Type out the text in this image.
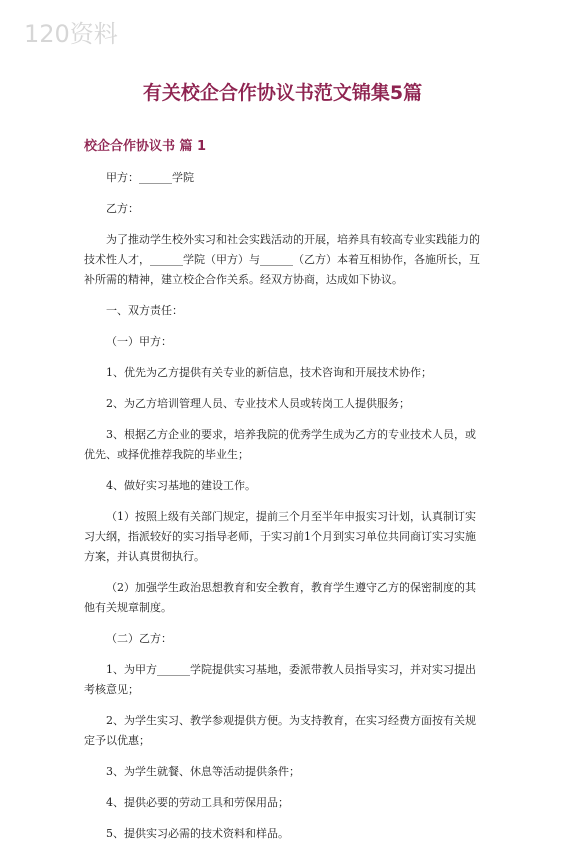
120资料
有关校企合作协议书范文锦集5篇
校企合作协议书 篇 1

甲方：______学院

乙方：

为了推动学生校外实习和社会实践活动的开展，培养具有较高专业实践能力的技术性人才，______学院（甲方）与______（乙方）本着互相协作，各施所长，互补所需的精神，建立校企合作关系。经双方协商，达成如下协议。

一、双方责任：

（一）甲方：

1、优先为乙方提供有关专业的新信息，技术咨询和开展技术协作；

2、为乙方培训管理人员、专业技术人员或转岗工人提供服务；

3、根据乙方企业的要求，培养我院的优秀学生成为乙方的专业技术人员，或优先、或择优推荐我院的毕业生；

4、做好实习基地的建设工作。

（1）按照上级有关部门规定，提前三个月至半年申报实习计划，认真制订实习大纲，指派较好的实习指导老师，于实习前1个月到实习单位共同商订实习实施方案，并认真贯彻执行。

（2）加强学生政治思想教育和安全教育，教育学生遵守乙方的保密制度的其他有关规章制度。

（二）乙方：

1、为甲方______学院提供实习基地，委派带教人员指导实习，并对实习提出考核意见；

2、为学生实习、教学参观提供方便。为支持教育，在实习经费方面按有关规定予以优惠；

3、为学生就餐、休息等活动提供条件；

4、提供必要的劳动工具和劳保用品；

5、提供实习必需的技术资料和样品。
